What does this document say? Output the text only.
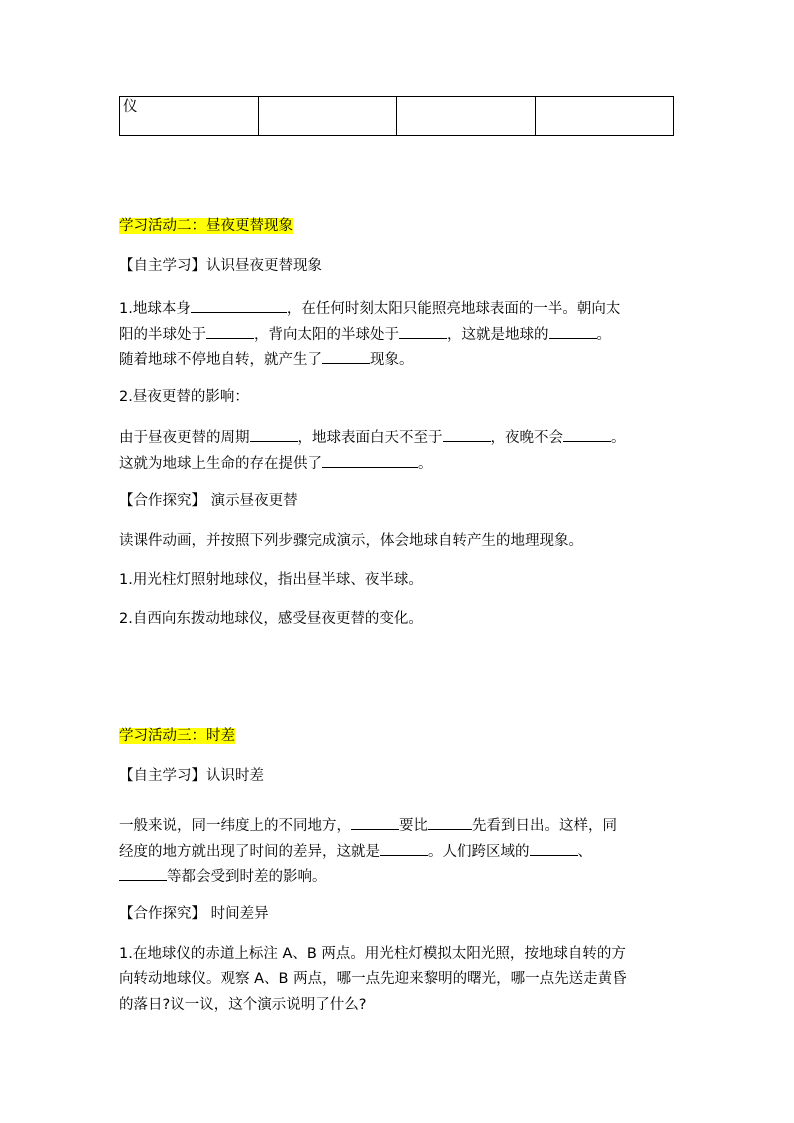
仪			
学习活动二：昼夜更替现象
【自主学习】认识昼夜更替现象
1.地球本身	，在任何时刻太阳只能照亮地球表面的一半。朝向太
阳的半球处于	，背向太阳的半球处于	，这就是地球的	。
随着地球不停地自转，就产生了	现象。
2.昼夜更替的影响：
由于昼夜更替的周期	，地球表面白天不至于	，夜晚不会	。
这就为地球上生命的存在提供了	。
【合作探究】 演示昼夜更替
读课件动画，并按照下列步骤完成演示，体会地球自转产生的地理现象。
1.用光柱灯照射地球仪，指出昼半球、夜半球。
2.自西向东拨动地球仪，感受昼夜更替的变化。
学习活动三：时差
【自主学习】认识时差
一般来说，同一纬度上的不同地方，	要比	先看到日出。这样，同
经度的地方就出现了时间的差异，这就是	。人们跨区域的	、
等都会受到时差的影响。
【合作探究】 时间差异
1.在地球仪的赤道上标注 A、B 两点。用光柱灯模拟太阳光照，按地球自转的方
向转动地球仪。观察 A、B 两点，哪一点先迎来黎明的曙光，哪一点先送走黄昏
的落日?议一议，这个演示说明了什么?
